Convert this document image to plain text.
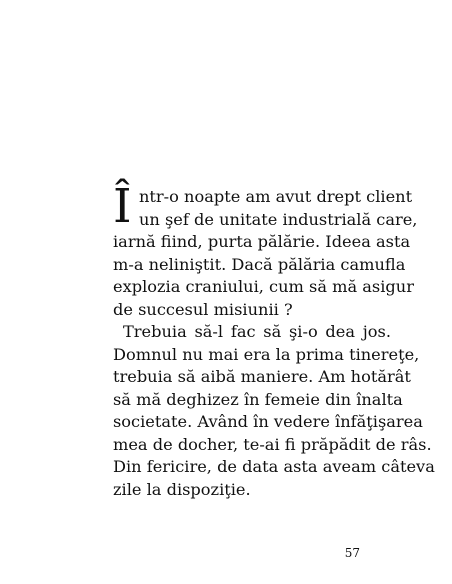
Î ntr-o noapte am avut drept client
un şef de unitate industrială care,
iarnă fiind, purta pălărie. Ideea asta
m-a neliniştit. Dacă pălăria camufla
explozia craniului, cum să mă asigur
de succesul misiunii ?
Trebuia să-l fac să şi-o dea jos.
Domnul nu mai era la prima tinereţe,
trebuia să aibă maniere. Am hotărât
să mă deghizez în femeie din înalta
societate. Având în vedere înfăţişarea
mea de docher, te-ai fi prăpădit de râs.
Din fericire, de data asta aveam câteva
zile la dispoziţie.
57
